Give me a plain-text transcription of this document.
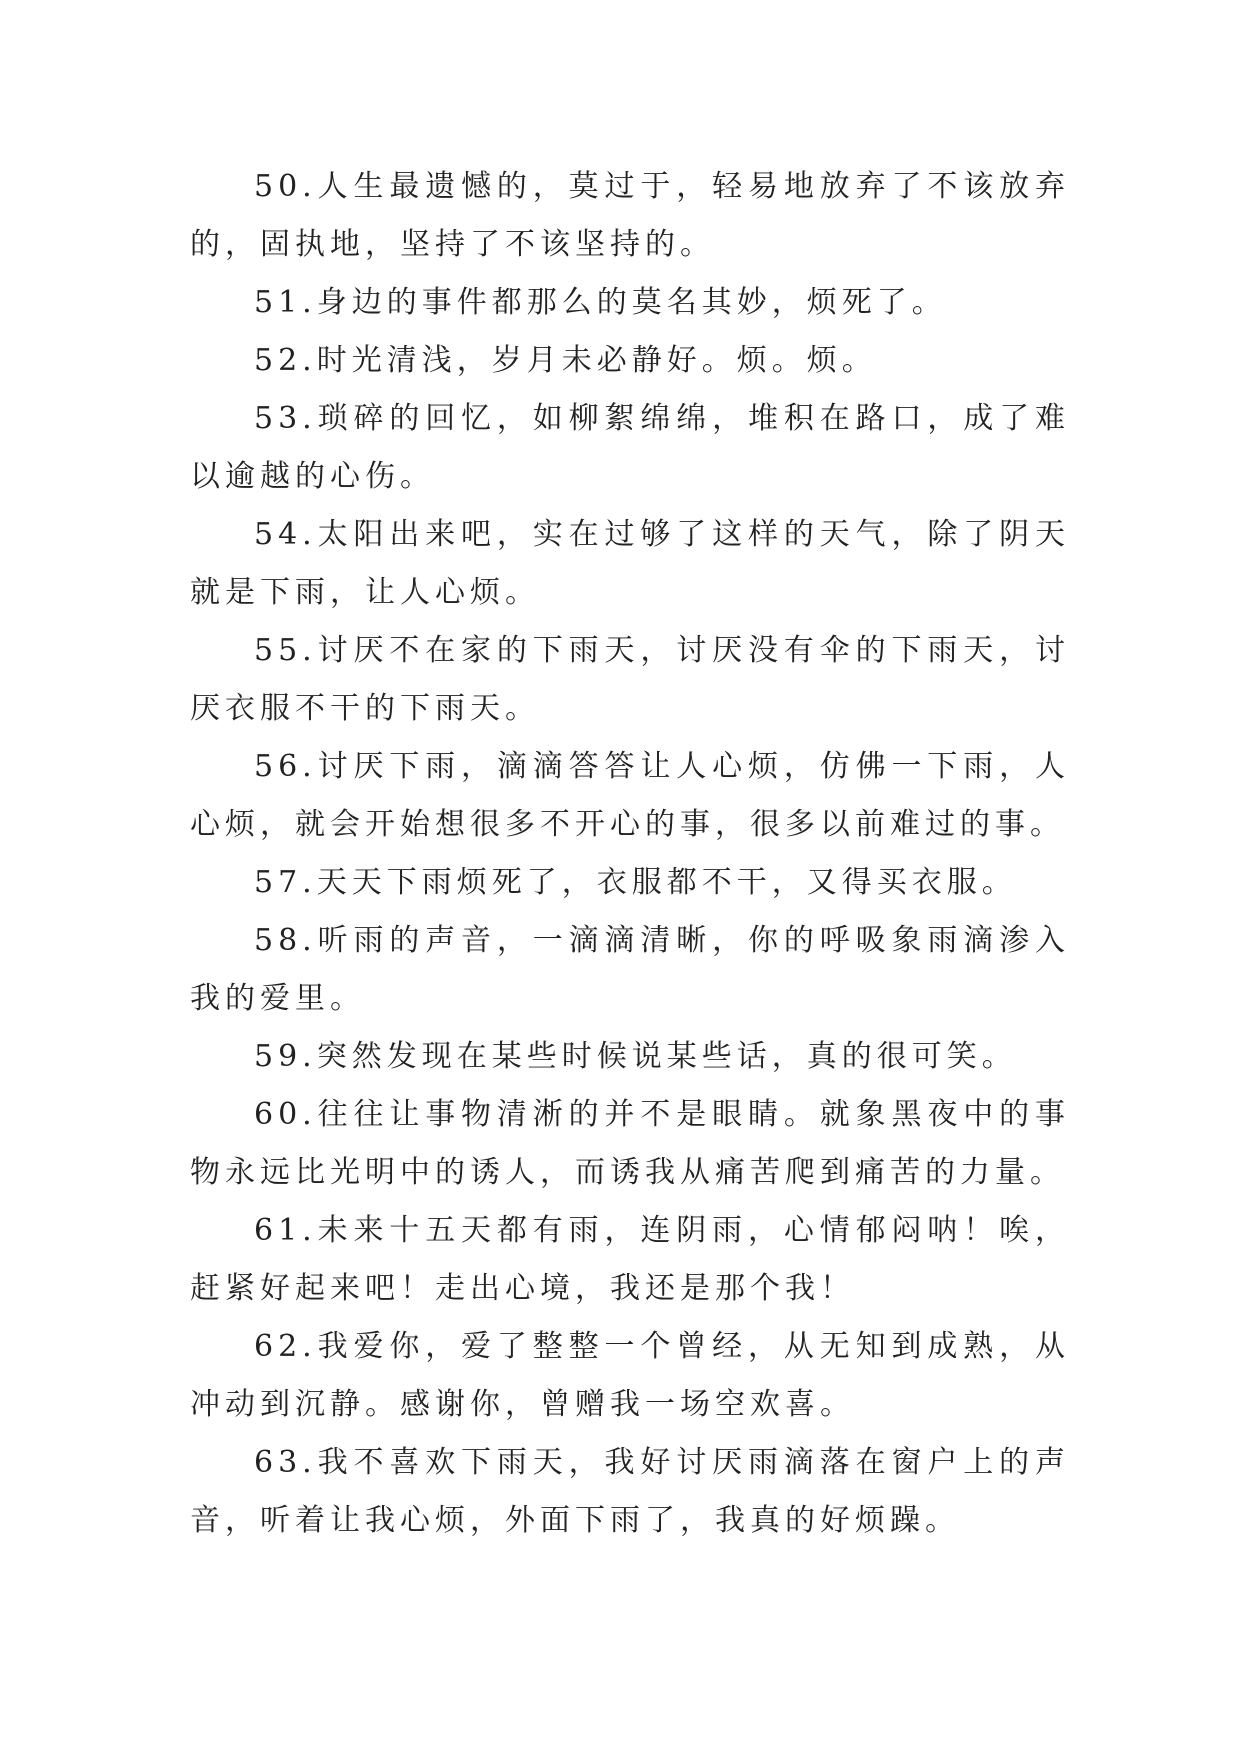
50.人生最遗憾的，莫过于，轻易地放弃了不该放弃的，固执地，坚持了不该坚持的。

51.身边的事件都那么的莫名其妙，烦死了。

52.时光清浅，岁月未必静好。烦。烦。

53.琐碎的回忆，如柳絮绵绵，堆积在路口，成了难以逾越的心伤。

54.太阳出来吧，实在过够了这样的天气，除了阴天就是下雨，让人心烦。

55.讨厌不在家的下雨天，讨厌没有伞的下雨天，讨厌衣服不干的下雨天。

56.讨厌下雨，滴滴答答让人心烦，仿佛一下雨，人心烦，就会开始想很多不开心的事，很多以前难过的事。

57.天天下雨烦死了，衣服都不干，又得买衣服。

58.听雨的声音，一滴滴清晰，你的呼吸象雨滴渗入我的爱里。

59.突然发现在某些时候说某些话，真的很可笑。

60.往往让事物清淅的并不是眼睛。就象黑夜中的事物永远比光明中的诱人，而诱我从痛苦爬到痛苦的力量。

61.未来十五天都有雨，连阴雨，心情郁闷呐！唉，赶紧好起来吧！走出心境，我还是那个我！

62.我爱你，爱了整整一个曾经，从无知到成熟，从冲动到沉静。感谢你，曾赠我一场空欢喜。

63.我不喜欢下雨天，我好讨厌雨滴落在窗户上的声音，听着让我心烦，外面下雨了，我真的好烦躁。
